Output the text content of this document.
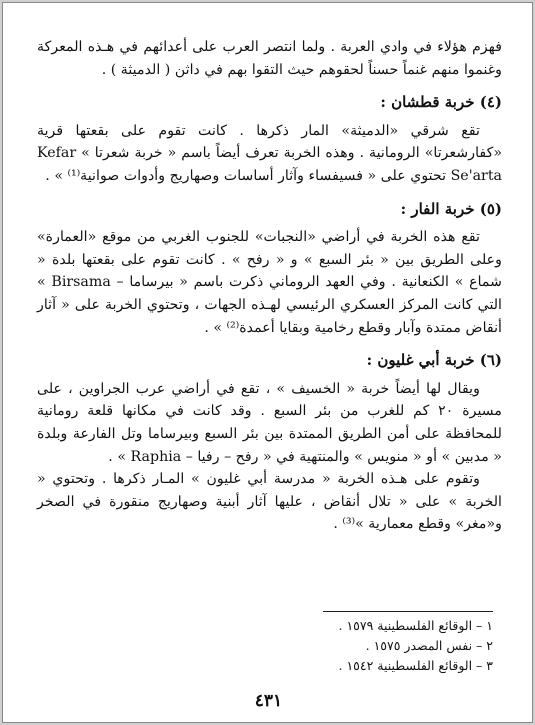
فهزم هؤلاء في وادي العربة . ولما انتصر العرب على أعدائهم في هـذه المعركة وغنموا منهم غنماً حسناً لحقوهم حيث التقوا بهم في داثن ( الدميثة ) .

(٤) خربة قطشان :

تقع شرقي «الدميثة» المار ذكرها . كانت تقوم على بقعتها قرية «كفارشعرتا» الرومانية . وهذه الخربة تعرف أيضاً باسم « خربة شعرتا » Kefar Se'arta تحتوي على « فسيفساء وآثار أساسات وصهاريج وأدوات صوانية⁽¹⁾ » .

(٥) خربة الفار :

تقع هذه الخربة في أراضي «النجبات» للجنوب الغربي من موقع «العمارة» وعلى الطريق بين « بئر السبع » و « رفح » . كانت تقوم على بقعتها بلدة « شماع » الكنعانية . وفي العهد الروماني ذكرت باسم « بيرساما – Birsama » التي كانت المركز العسكري الرئيسي لهـذه الجهات ، وتحتوي الخربة على « آثار أنقاض ممتدة وآبار وقطع رخامية وبقايا أعمدة⁽²⁾ » .

(٦) خربة أبي غليون :

ويقال لها أيضاً خربة « الخسيف » ، تقع في أراضي عرب الجراوين ، على مسيرة ٢٠ كم للغرب من بئر السبع . وقد كانت في مكانها قلعة رومانية للمحافظة على أمن الطريق الممتدة بين بئر السبع وبيرساما وتل الفارعة وبلدة « مدبين » أو « منويس » والمنتهية في « رفح – رفيا – Raphia » .

وتقوم على هـذه الخربة « مدرسة أبي غليون » المـار ذكرها . وتحتوي « الخربة » على « تلال أنقاض ، عليها آثار أبنية وصهاريج منقورة في الصخر و«مغر» وقطع معمارية »⁽³⁾ .

١ – الوقائع الفلسطينية ١٥٧٩ .

٢ – نفس المصدر ١٥٧٥ .

٣ – الوقائع الفلسطينية ١٥٤٢ .

٤٣١
